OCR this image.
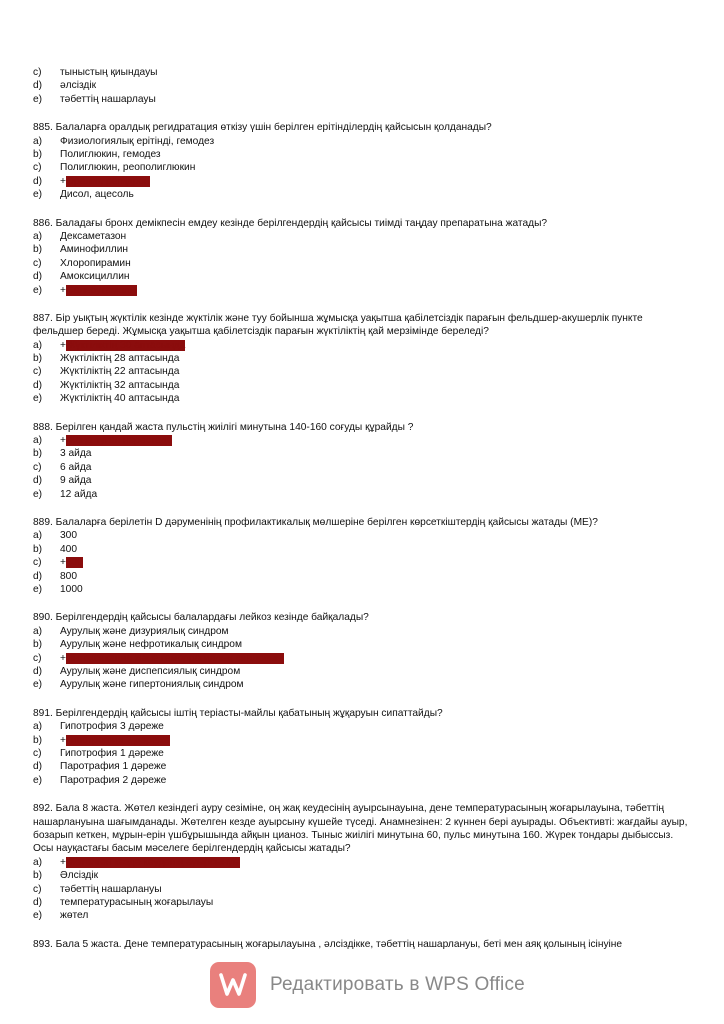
c)	тыныстың қиындауы
d)	әлсіздік
e)	тәбеттің нашарлауы
885. Балаларға оралдық регидратация өткізу үшін берілген ерітінділердің қайсысын қолданады?
a)	Физиологиялық ерітінді, гемодез
b)	Полиглюкин, гемодез
c)	Полиглюкин, реополиглюкин
d)	+Оралит, регидрон
e)	Дисол, ацесоль
886. Баладағы бронх демікпесін емдеу кезінде берілгендердің қайсысы тиімді таңдау препаратына жатады?
a)	Дексаметазон
b)	Аминофиллин
c)	Хлоропирамин
d)	Амоксициллин
e)	+Сальбутамолы
887. Бір уықтың жүктілік кезінде жүктілік және туу бойынша жұмысқа уақытша қабілетсіздік парағын фельдшер-акушерлік пункте фельдшер береді. Жұмысқа уақытша қабілетсіздік парағын жүктіліктің қай мерзімінде береледі?
a)	+Жүктіліктің 30 аптасында
b)	Жүктіліктің 28 аптасында
c)	Жүктіліктің 22 аптасында
d)	Жүктіліктің 32 аптасында
e)	Жүктіліктің 40 аптасында
888. Берілген қандай жаста пульстің жиілігі минутына 140-160 соғуды құрайды ?
a)	+Жаңа туған нәрестеде
b)	3 айда
c)	6 айда
d)	9 айда
e)	12 айда
889. Балаларға берілетін D дәруменінің профилактикалық мөлшеріне берілген көрсеткіштердің қайсысы жатады (МЕ)?
a)	300
b)	400
c)	+500
d)	800
e)	1000
890. Берілгендердің қайсысы балалардағы лейкоз кезінде байқалады?
a)	Аурулық және дизуриялық синдром
b)	Аурулық және нефротикалық синдром
c)	+Интоксикация және геморрагиялық синдромы
d)	Аурулық және диспепсиялық синдром
e)	Аурулық және гипертониялық синдром
891. Берілгендердің қайсысы іштің теріасты-майлы қабатының жұқаруын сипаттайды?
a)	Гипотрофия 3 дәреже
b)	+Гипотрофия 2 дәреже
c)	Гипотрофия 1 дәреже
d)	Паротрафия 1 дәреже
e)	Паротрафия 2 дәреже
892. Бала 8 жаста. Жөтел кезіндегі ауру сезіміне, оң жақ кеудесінің ауырсынауына, дене температурасының жоғарылауына, тәбеттің нашарлануына шағымданады. Жөтелген кезде ауырсыну күшейе түседі. Анамнезінен: 2 күннен бері ауырады. Объективті: жағдайы ауыр, бозарып кеткен, мұрын-ерін үшбұрышында айқын цианоз. Тыныс жиілігі минутына 60, пульс минутына 160. Жүрек тондары дыбыссыз. Осы науқастағы басым мәселеге берілгендердің қайсысы жатады?
a)	+Жөтелген кезде кеуденің ауырсынуы
b)	Әлсіздік
c)	тәбеттің нашарлануы
d)	температурасының жоғарылауы
e)	жөтел
893. Бала 5 жаста. Дене температурасының жоғарылауына , әлсіздікке, тәбеттің нашарлануы, беті мен аяқ қолының ісінуіне
Редактировать в WPS Office
